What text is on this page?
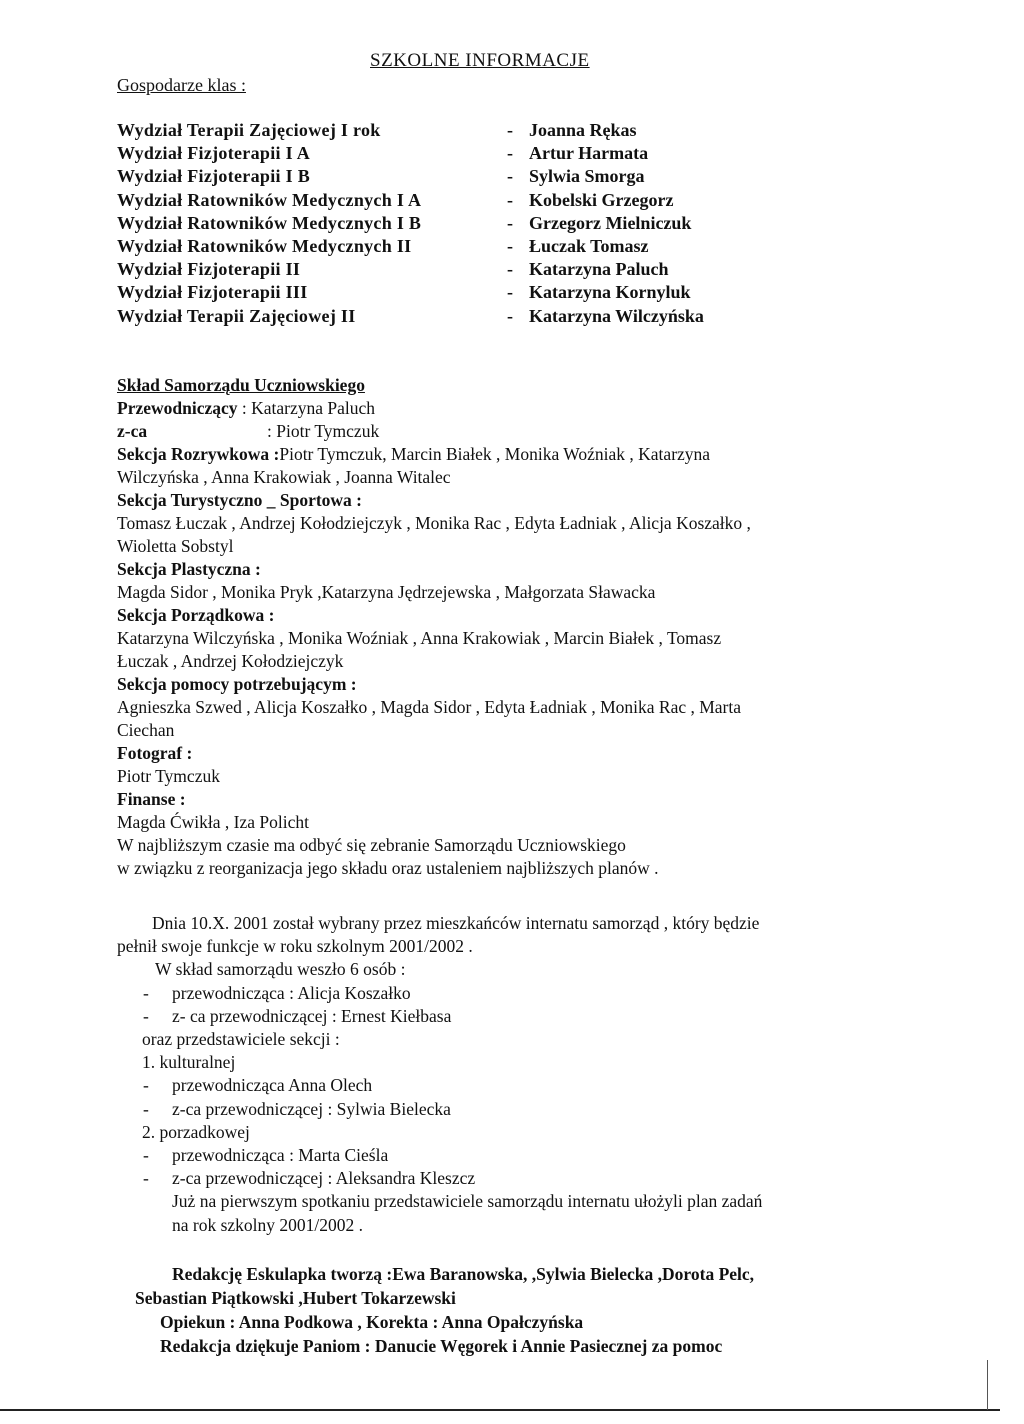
SZKOLNE INFORMACJE
Gospodarze klas :
Wydział Terapii Zajęciowej I rok	- Joanna Rękas
Wydział Fizjoterapii I A	- Artur Harmata
Wydział Fizjoterapii I B	- Sylwia Smorga
Wydział Ratowników Medycznych I A	- Kobelski Grzegorz
Wydział Ratowników Medycznych I B	- Grzegorz Mielniczuk
Wydział Ratowników Medycznych II	- Łuczak Tomasz
Wydział Fizjoterapii II	- Katarzyna Paluch
Wydział Fizjoterapii III	- Katarzyna Kornyluk
Wydział Terapii Zajęciowej II	- Katarzyna Wilczyńska
Skład Samorządu Uczniowskiego
Przewodniczący : Katarzyna Paluch
z-ca	: Piotr Tymczuk
Sekcja Rozrywkowa :Piotr Tymczuk, Marcin Białek , Monika Woźniak , Katarzyna
Wilczyńska , Anna Krakowiak , Joanna Witalec
Sekcja Turystyczno _ Sportowa :
Tomasz Łuczak , Andrzej Kołodziejczyk , Monika Rac , Edyta Ładniak , Alicja Koszałko ,
Wioletta Sobstyl
Sekcja Plastyczna :
Magda Sidor , Monika Pryk ,Katarzyna Jędrzejewska , Małgorzata Sławacka
Sekcja Porządkowa :
Katarzyna Wilczyńska , Monika Woźniak , Anna Krakowiak , Marcin Białek , Tomasz
Łuczak , Andrzej Kołodziejczyk
Sekcja pomocy potrzebującym :
Agnieszka Szwed , Alicja Koszałko , Magda Sidor , Edyta Ładniak , Monika Rac , Marta
Ciechan
Fotograf :
Piotr Tymczuk
Finanse :
Magda Ćwikła , Iza Policht
W najbliższym czasie ma odbyć się zebranie Samorządu Uczniowskiego
w związku z reorganizacja jego składu oraz ustaleniem najbliższych planów .
Dnia 10.X. 2001 został wybrany przez mieszkańców internatu samorząd , który będzie
pełnił swoje funkcje w roku szkolnym 2001/2002 .
W skład samorządu weszło 6 osób :
-	przewodnicząca : Alicja Koszałko
-	z- ca przewodniczącej : Ernest Kiełbasa
oraz przedstawiciele sekcji :
1. kulturalnej
-	przewodnicząca Anna Olech
-	z-ca przewodniczącej : Sylwia Bielecka
2. porzadkowej
-	przewodnicząca : Marta Cieśla
-	z-ca przewodniczącej : Aleksandra Kleszcz
Już na pierwszym spotkaniu przedstawiciele samorządu internatu ułożyli plan zadań
na rok szkolny 2001/2002 .
Redakcję Eskulapka tworzą :Ewa Baranowska, ,Sylwia Bielecka ,Dorota Pelc,
Sebastian Piątkowski ,Hubert Tokarzewski
Opiekun : Anna Podkowa , Korekta : Anna Opałczyńska
Redakcja dziękuje Paniom : Danucie Węgorek i Annie Pasiecznej za pomoc
